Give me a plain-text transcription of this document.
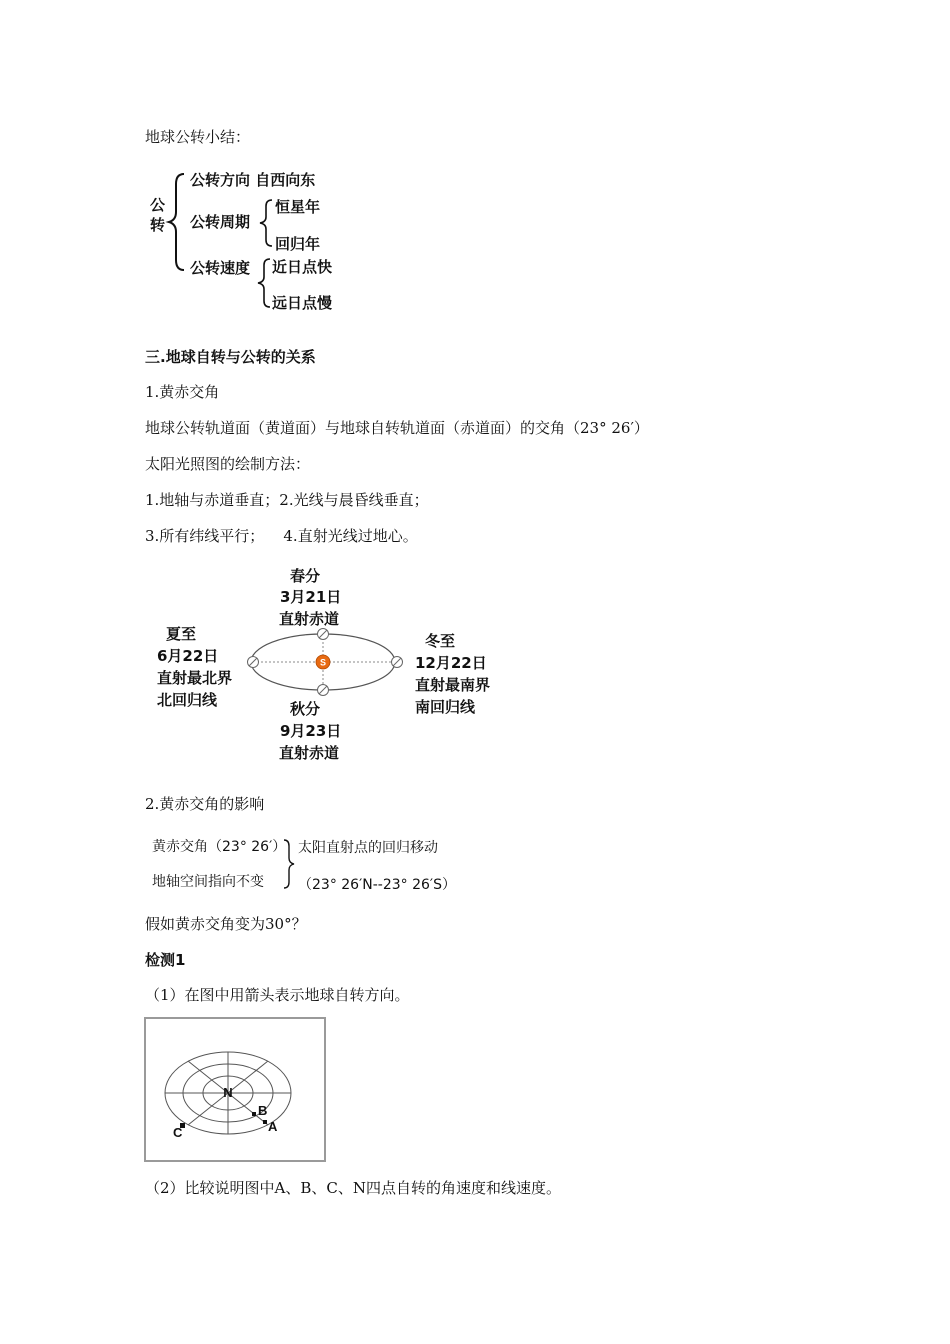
地球公转小结：
公转
公转方向 自西向东
公转周期
恒星年
回归年
公转速度 近日点快
远日点慢
三.地球自转与公转的关系
1.黄赤交角
地球公转轨道面（黄道面）与地球自转轨道面（赤道面）的交角（23° 26′）
太阳光照图的绘制方法：
1.地轴与赤道垂直；2.光线与晨昏线垂直；
3.所有纬线平行；    4.直射光线过地心。
S
春分
3月21日
直射赤道
夏至
6月22日
直射最北界
北回归线
冬至
12月22日
直射最南界
南回归线
秋分
9月23日
直射赤道
2.黄赤交角的影响
黄赤交角（23° 26′）
地轴空间指向不变
太阳直射点的回归移动
（23° 26′N--23° 26′S）
假如黄赤交角变为30°？
检测1
（1）在图中用箭头表示地球自转方向。
N
B
A
C
（2）比较说明图中A、B、C、N四点自转的角速度和线速度。
